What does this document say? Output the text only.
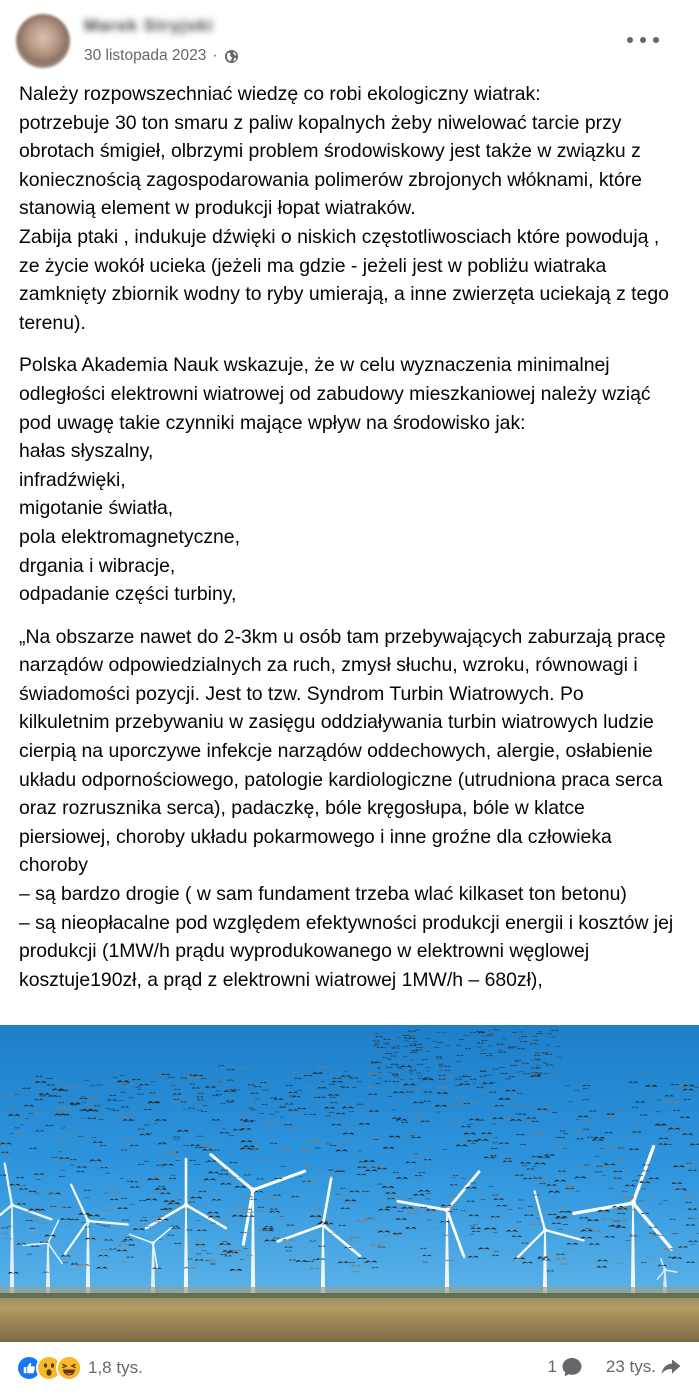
Marek Stryjski
30 listopada 2023 ·

Należy rozpowszechniać wiedzę co robi ekologiczny wiatrak:
potrzebuje 30 ton smaru z paliw kopalnych żeby niwelować tarcie przy obrotach śmigieł, olbrzymi problem środowiskowy jest także w związku z koniecznością zagospodarowania polimerów zbrojonych włóknami, które stanowią element w produkcji łopat wiatraków.
Zabija ptaki , indukuje dźwięki o niskich częstotliwosciach które powodują , ze życie wokół ucieka (jeżeli ma gdzie - jeżeli jest w pobliżu wiatraka zamknięty zbiornik wodny to ryby umierają, a inne zwierzęta uciekają z tego terenu).

Polska Akademia Nauk wskazuje, że w celu wyznaczenia minimalnej odległości elektrowni wiatrowej od zabudowy mieszkaniowej należy wziąć pod uwagę takie czynniki mające wpływ na środowisko jak:
hałas słyszalny,
infradźwięki,
migotanie światła,
pola elektromagnetyczne,
drgania i wibracje,
odpadanie części turbiny,

„Na obszarze nawet do 2-3km u osób tam przebywających zaburzają pracę narządów odpowiedzialnych za ruch, zmysł słuchu, wzroku, równowagi i świadomości pozycji. Jest to tzw. Syndrom Turbin Wiatrowych. Po kilkuletnim przebywaniu w zasięgu oddziaływania turbin wiatrowych ludzie cierpią na uporczywe infekcje narządów oddechowych, alergie, osłabienie układu odpornościowego, patologie kardiologiczne (utrudniona praca serca oraz rozrusznika serca), padaczkę, bóle kręgosłupa, bóle w klatce piersiowej, choroby układu pokarmowego i inne groźne dla człowieka choroby
– są bardzo drogie ( w sam fundament trzeba wlać kilkaset ton betonu)
– są nieopłacalne pod względem efektywności produkcji energii i kosztów jej produkcji (1MW/h prądu wyprodukowanego w elektrowni węglowej kosztuje190zł, a prąd z elektrowni wiatrowej 1MW/h – 680zł),

1,8 tys.	1	23 tys.
